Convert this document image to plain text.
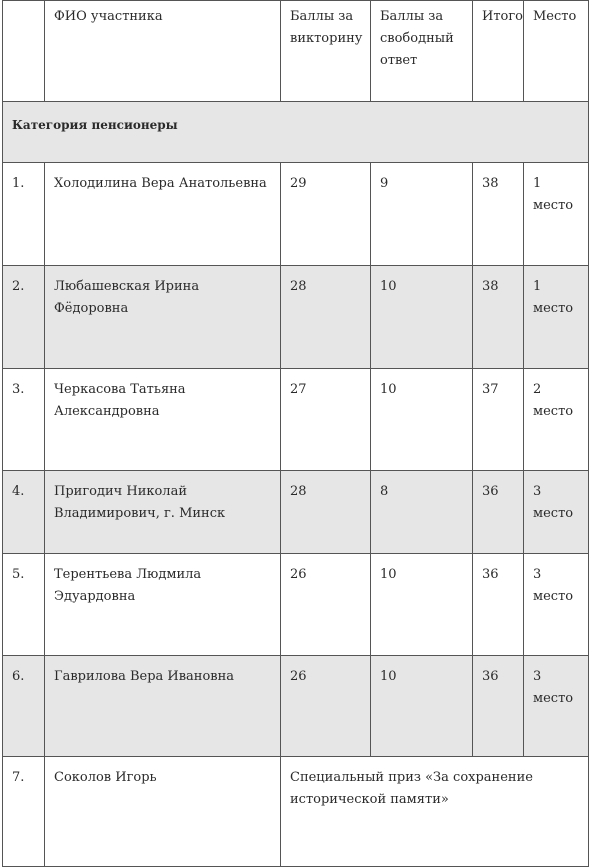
	ФИО участника	Баллы за викторину	Баллы за свободный ответ	Итого	Место
Категория пенсионеры					
1.	Холодилина Вера Анатольевна	29	9	38	1 место
2.	Любашевская Ирина Фёдоровна	28	10	38	1 место
3.	Черкасова Татьяна Александровна	27	10	37	2 место
4.	Пригодич Николай Владимирович, г. Минск	28	8	36	3 место
5.	Терентьева Людмила Эдуардовна	26	10	36	3 место
6.	Гаврилова Вера Ивановна	26	10	36	3 место
7.	Соколов Игорь	Специальный приз «За сохранение исторической памяти»			
